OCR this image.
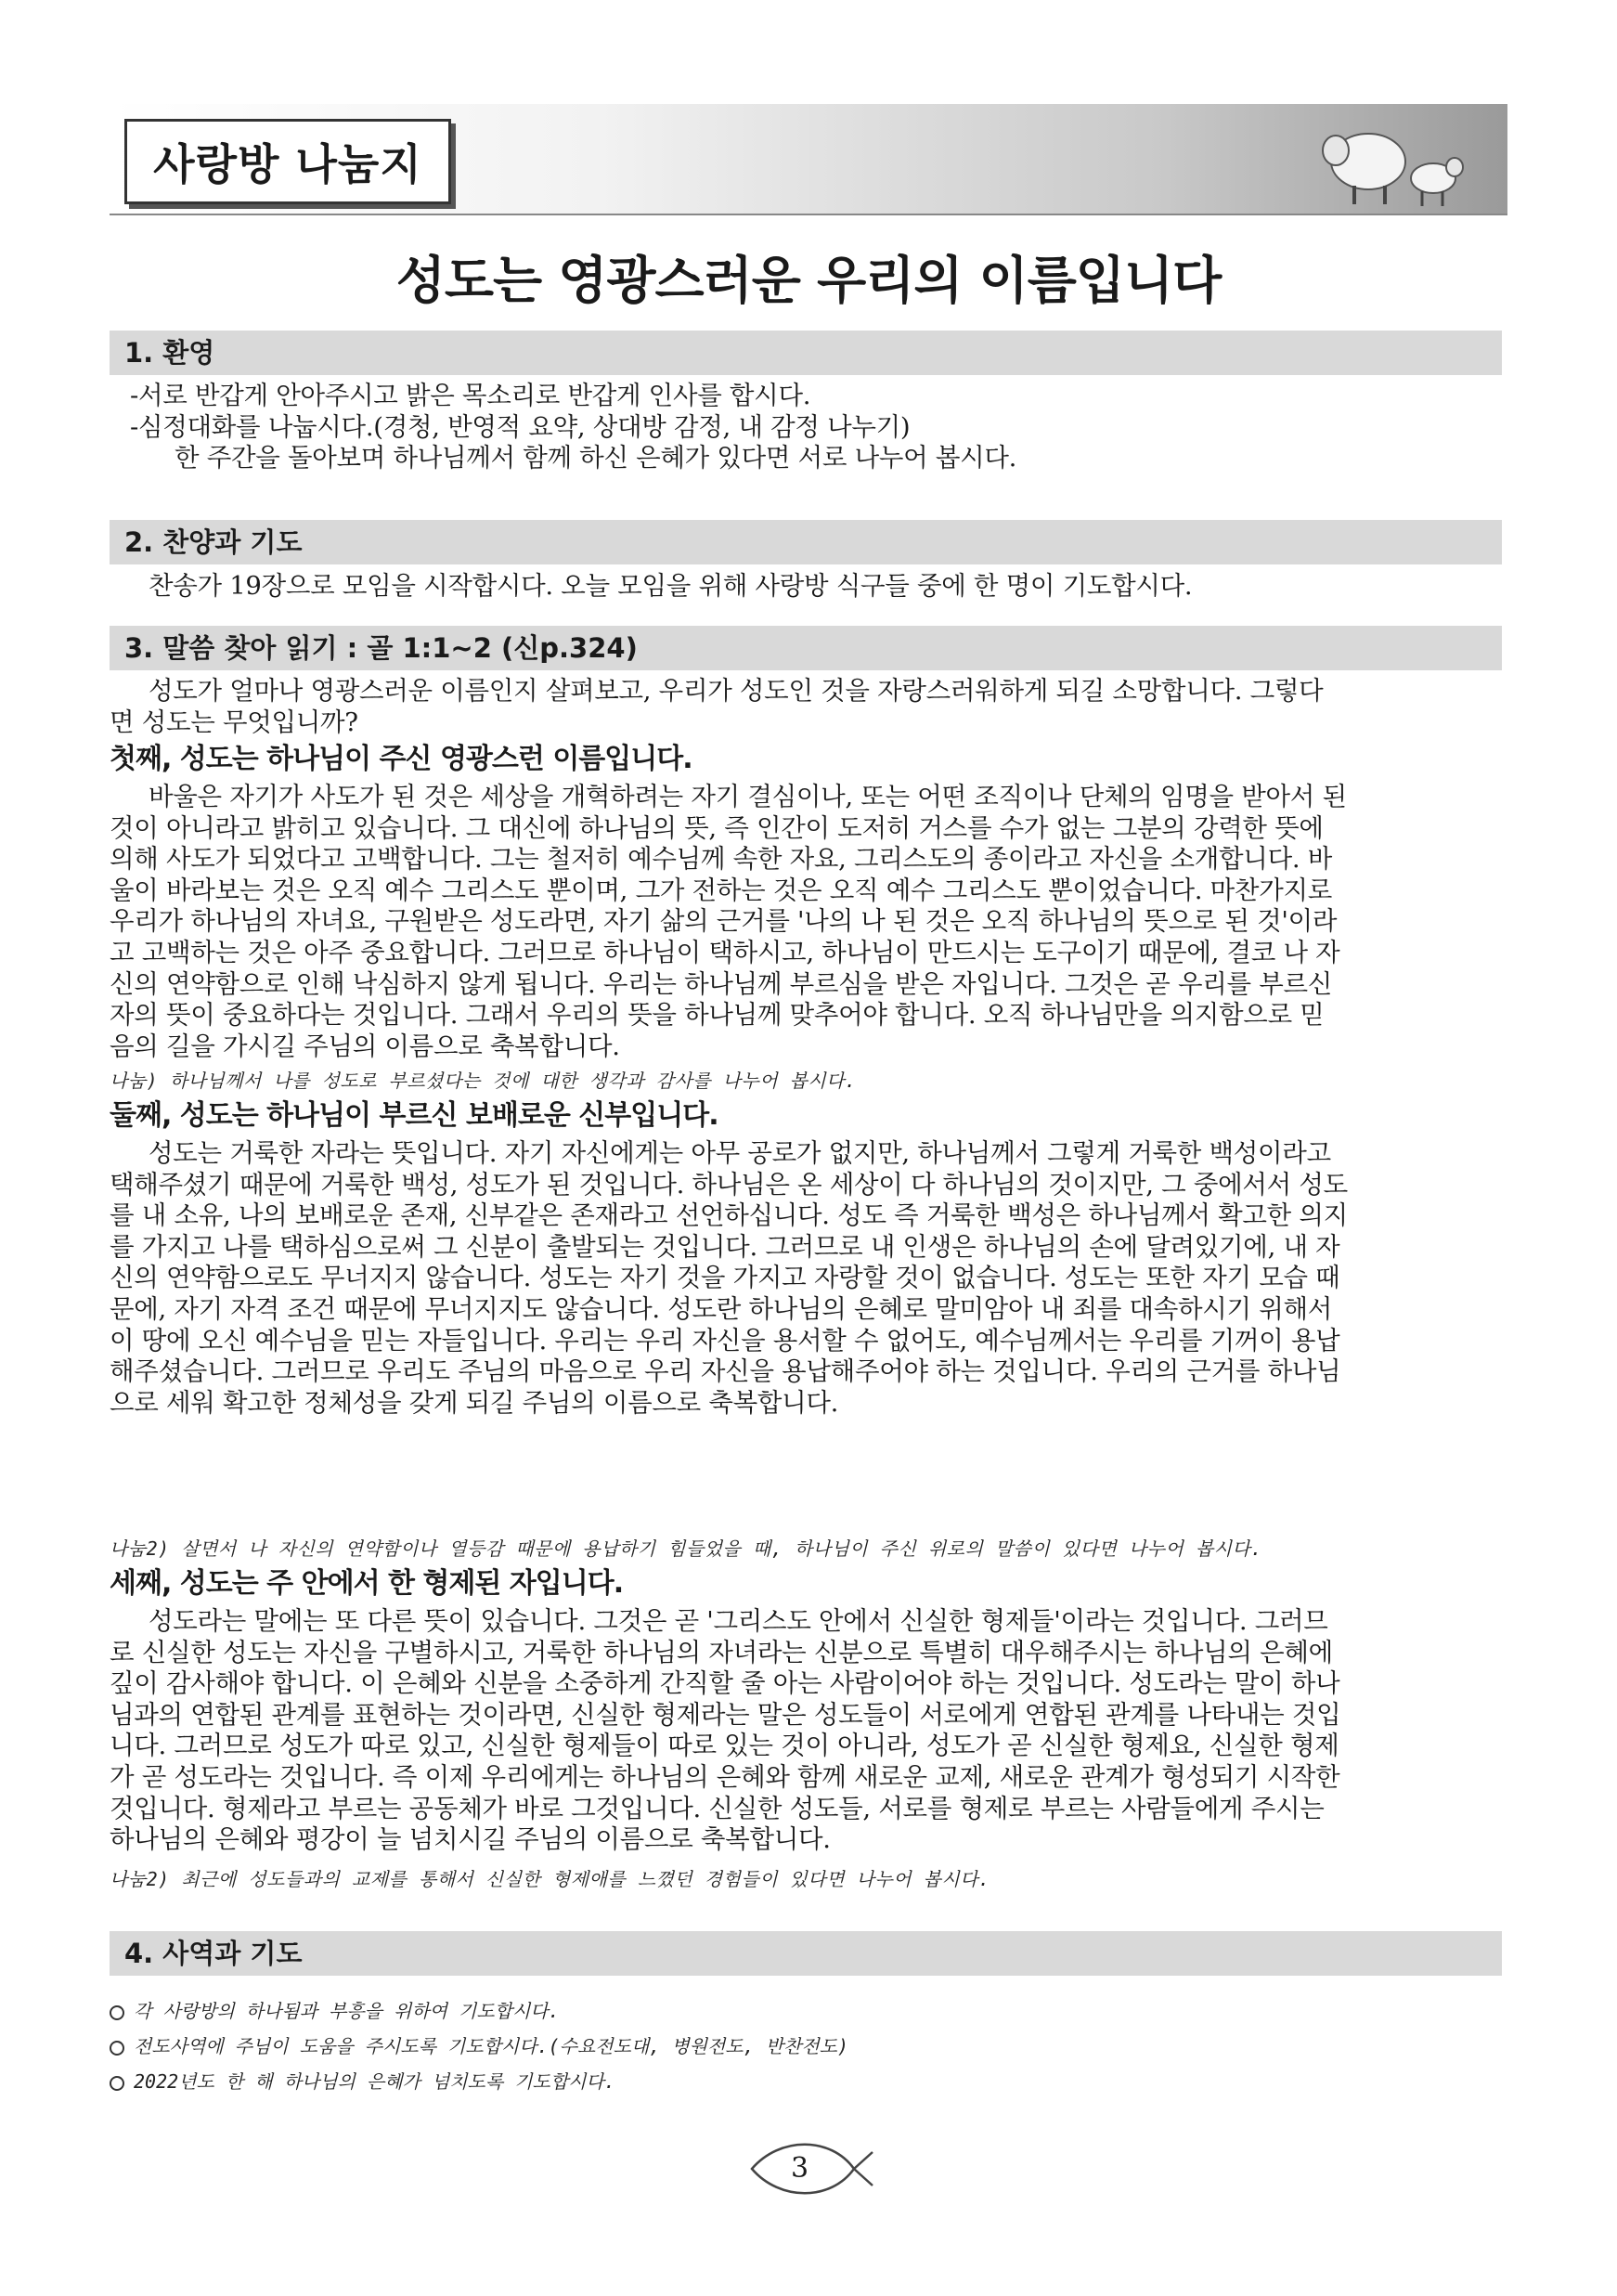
사랑방 나눔지
성도는 영광스러운 우리의 이름입니다
1. 환영
-서로 반갑게 안아주시고 밝은 목소리로 반갑게 인사를 합시다.
-심정대화를 나눕시다.(경청, 반영적 요약, 상대방 감정, 내 감정 나누기)
한 주간을 돌아보며 하나님께서 함께 하신 은혜가 있다면 서로 나누어 봅시다.
2. 찬양과 기도
찬송가 19장으로 모임을 시작합시다. 오늘 모임을 위해 사랑방 식구들 중에 한 명이 기도합시다.
3. 말씀 찾아 읽기 : 골 1:1~2 (신p.324)
성도가 얼마나 영광스러운 이름인지 살펴보고, 우리가 성도인 것을 자랑스러워하게 되길 소망합니다. 그렇다
면 성도는 무엇입니까?
첫째, 성도는 하나님이 주신 영광스런 이름입니다.
바울은 자기가 사도가 된 것은 세상을 개혁하려는 자기 결심이나, 또는 어떤 조직이나 단체의 임명을 받아서 된
것이 아니라고 밝히고 있습니다. 그 대신에 하나님의 뜻, 즉 인간이 도저히 거스를 수가 없는 그분의 강력한 뜻에
의해 사도가 되었다고 고백합니다. 그는 철저히 예수님께 속한 자요, 그리스도의 종이라고 자신을 소개합니다. 바
울이 바라보는 것은 오직 예수 그리스도 뿐이며, 그가 전하는 것은 오직 예수 그리스도 뿐이었습니다. 마찬가지로
우리가 하나님의 자녀요, 구원받은 성도라면, 자기 삶의 근거를 '나의 나 된 것은 오직 하나님의 뜻으로 된 것'이라
고 고백하는 것은 아주 중요합니다. 그러므로 하나님이 택하시고, 하나님이 만드시는 도구이기 때문에, 결코 나 자
신의 연약함으로 인해 낙심하지 않게 됩니다. 우리는 하나님께 부르심을 받은 자입니다. 그것은 곧 우리를 부르신
자의 뜻이 중요하다는 것입니다. 그래서 우리의 뜻을 하나님께 맞추어야 합니다. 오직 하나님만을 의지함으로 믿
음의 길을 가시길 주님의 이름으로 축복합니다.
나눔) 하나님께서 나를 성도로 부르셨다는 것에 대한 생각과 감사를 나누어 봅시다.
둘째, 성도는 하나님이 부르신 보배로운 신부입니다.
성도는 거룩한 자라는 뜻입니다. 자기 자신에게는 아무 공로가 없지만, 하나님께서 그렇게 거룩한 백성이라고
택해주셨기 때문에 거룩한 백성, 성도가 된 것입니다. 하나님은 온 세상이 다 하나님의 것이지만, 그 중에서서 성도
를 내 소유, 나의 보배로운 존재, 신부같은 존재라고 선언하십니다. 성도 즉 거룩한 백성은 하나님께서 확고한 의지
를 가지고 나를 택하심으로써 그 신분이 출발되는 것입니다. 그러므로 내 인생은 하나님의 손에 달려있기에, 내 자
신의 연약함으로도 무너지지 않습니다. 성도는 자기 것을 가지고 자랑할 것이 없습니다. 성도는 또한 자기 모습 때
문에, 자기 자격 조건 때문에 무너지지도 않습니다. 성도란 하나님의 은혜로 말미암아 내 죄를 대속하시기 위해서
이 땅에 오신 예수님을 믿는 자들입니다. 우리는 우리 자신을 용서할 수 없어도, 예수님께서는 우리를 기꺼이 용납
해주셨습니다. 그러므로 우리도 주님의 마음으로 우리 자신을 용납해주어야 하는 것입니다. 우리의 근거를 하나님
으로 세워 확고한 정체성을 갖게 되길 주님의 이름으로 축복합니다.
나눔2) 살면서 나 자신의 연약함이나 열등감 때문에 용납하기 힘들었을 때, 하나님이 주신 위로의 말씀이 있다면 나누어 봅시다.
세째, 성도는 주 안에서 한 형제된 자입니다.
성도라는 말에는 또 다른 뜻이 있습니다. 그것은 곧 '그리스도 안에서 신실한 형제들'이라는 것입니다. 그러므
로 신실한 성도는 자신을 구별하시고, 거룩한 하나님의 자녀라는 신분으로 특별히 대우해주시는 하나님의 은혜에
깊이 감사해야 합니다. 이 은혜와 신분을 소중하게 간직할 줄 아는 사람이어야 하는 것입니다. 성도라는 말이 하나
님과의 연합된 관계를 표현하는 것이라면, 신실한 형제라는 말은 성도들이 서로에게 연합된 관계를 나타내는 것입
니다. 그러므로 성도가 따로 있고, 신실한 형제들이 따로 있는 것이 아니라, 성도가 곧 신실한 형제요, 신실한 형제
가 곧 성도라는 것입니다. 즉 이제 우리에게는 하나님의 은혜와 함께 새로운 교제, 새로운 관계가 형성되기 시작한
것입니다. 형제라고 부르는 공동체가 바로 그것입니다. 신실한 성도들, 서로를 형제로 부르는 사람들에게 주시는
하나님의 은혜와 평강이 늘 넘치시길 주님의 이름으로 축복합니다.
나눔2) 최근에 성도들과의 교제를 통해서 신실한 형제애를 느꼈던 경험들이 있다면 나누어 봅시다.
4. 사역과 기도
각 사랑방의 하나됨과 부흥을 위하여 기도합시다.
전도사역에 주님이 도움을 주시도록 기도합시다.(수요전도대, 병원전도, 반찬전도)
2022년도 한 해 하나님의 은혜가 넘치도록 기도합시다.
3
